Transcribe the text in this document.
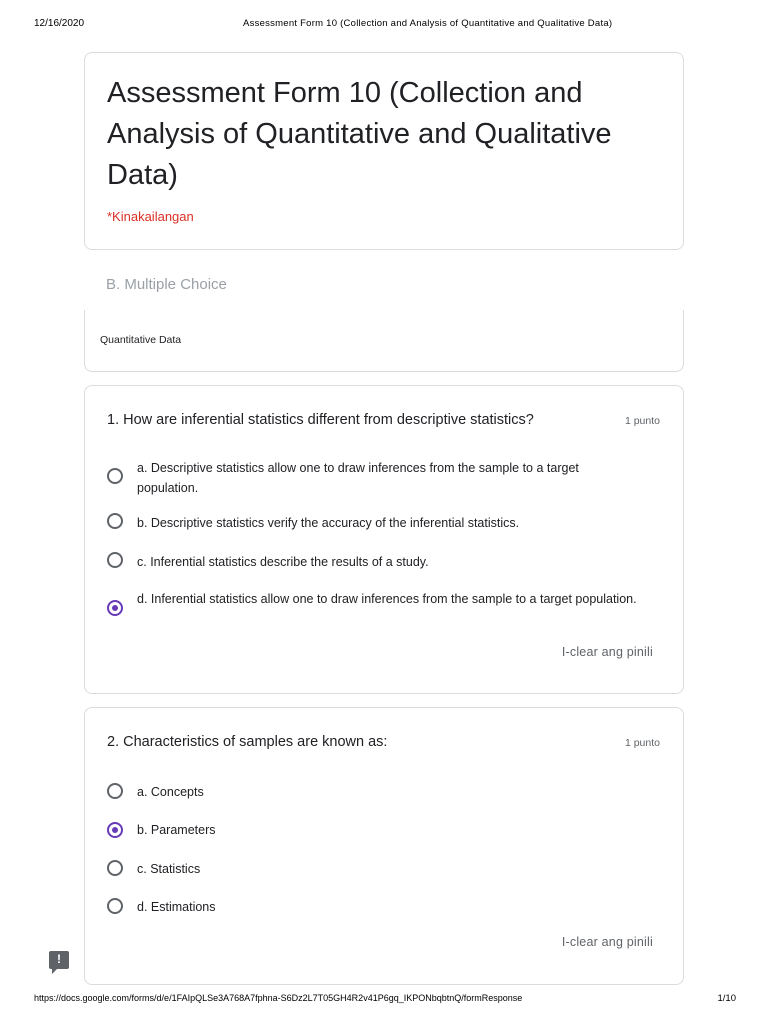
12/16/2020	Assessment Form 10 (Collection and Analysis of Quantitative and Qualitative Data)
Assessment Form 10 (Collection and Analysis of Quantitative and Qualitative Data)
*Kinakailangan
B. Multiple Choice
Quantitative Data
1. How are inferential statistics different from descriptive statistics?	1 punto
a. Descriptive statistics allow one to draw inferences from the sample to a target population.
b. Descriptive statistics verify the accuracy of the inferential statistics.
c. Inferential statistics describe the results of a study.
d. Inferential statistics allow one to draw inferences from the sample to a target population.
I-clear ang pinili
2. Characteristics of samples are known as:	1 punto
a. Concepts
b. Parameters
c. Statistics
d. Estimations
I-clear ang pinili
!
https://docs.google.com/forms/d/e/1FAIpQLSe3A768A7fphna-S6Dz2L7T05GH4R2v41P6gq_IKPONbqbtnQ/formResponse	1/10
